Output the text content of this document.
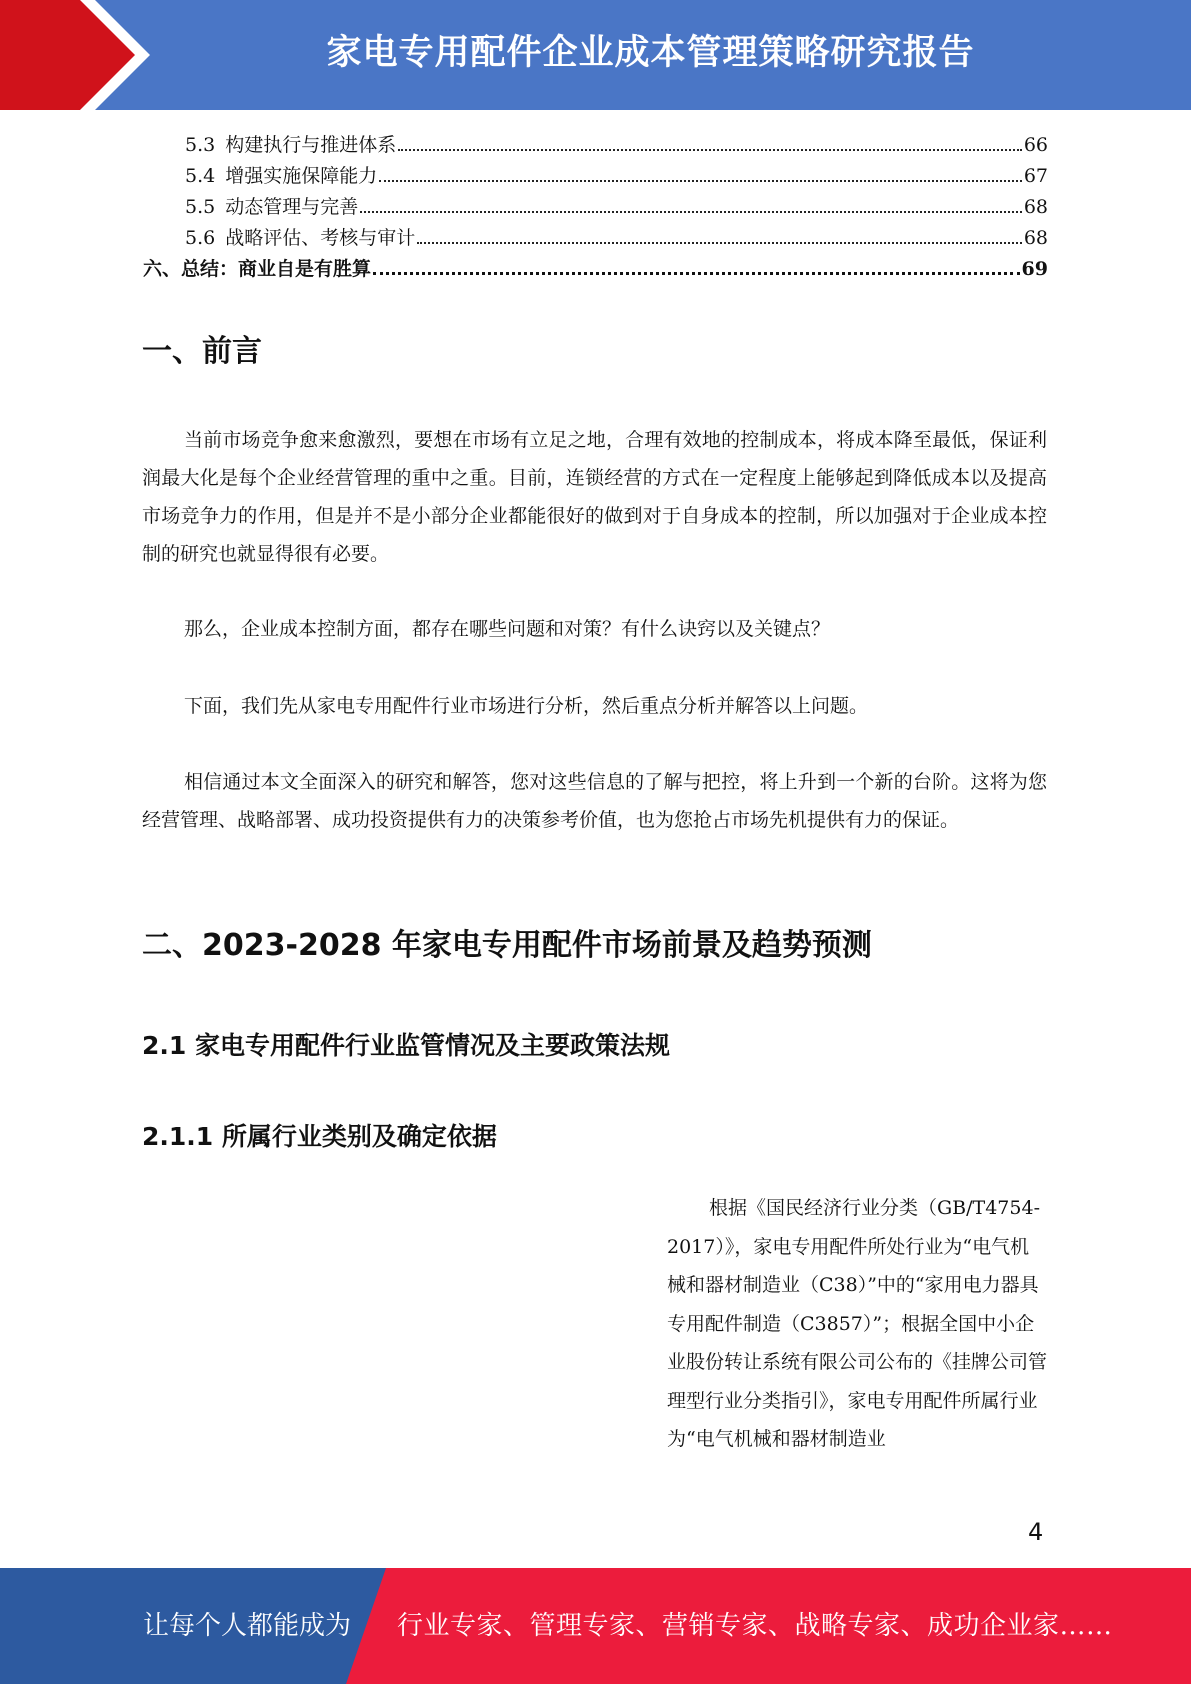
家电专用配件企业成本管理策略研究报告
5.3 构建执行与推进体系	66
5.4 增强实施保障能力	67
5.5 动态管理与完善	68
5.6 战略评估、考核与审计	68
六、总结：商业自是有胜算	69
一、前言

当前市场竞争愈来愈激烈，要想在市场有立足之地，合理有效地的控制成本，将成本降至最低，保证利润最大化是每个企业经营管理的重中之重。目前，连锁经营的方式在一定程度上能够起到降低成本以及提高市场竞争力的作用，但是并不是小部分企业都能很好的做到对于自身成本的控制，所以加强对于企业成本控制的研究也就显得很有必要。

那么，企业成本控制方面，都存在哪些问题和对策？有什么诀窍以及关键点？

下面，我们先从家电专用配件行业市场进行分析，然后重点分析并解答以上问题。

相信通过本文全面深入的研究和解答，您对这些信息的了解与把控，将上升到一个新的台阶。这将为您经营管理、战略部署、成功投资提供有力的决策参考价值，也为您抢占市场先机提供有力的保证。

二、2023-2028 年家电专用配件市场前景及趋势预测
2.1 家电专用配件行业监管情况及主要政策法规
2.1.1 所属行业类别及确定依据

根据《国民经济行业分类（GB/T4754-2017）》，家电专用配件所处行业为“电气机械和器材制造业（C38）”中的“家用电力器具专用配件制造（C3857）”；根据全国中小企业股份转让系统有限公司公布的《挂牌公司管理型行业分类指引》，家电专用配件所属行业为“电气机械和器材制造业

4
让每个人都能成为 行业专家、管理专家、营销专家、战略专家、成功企业家……
